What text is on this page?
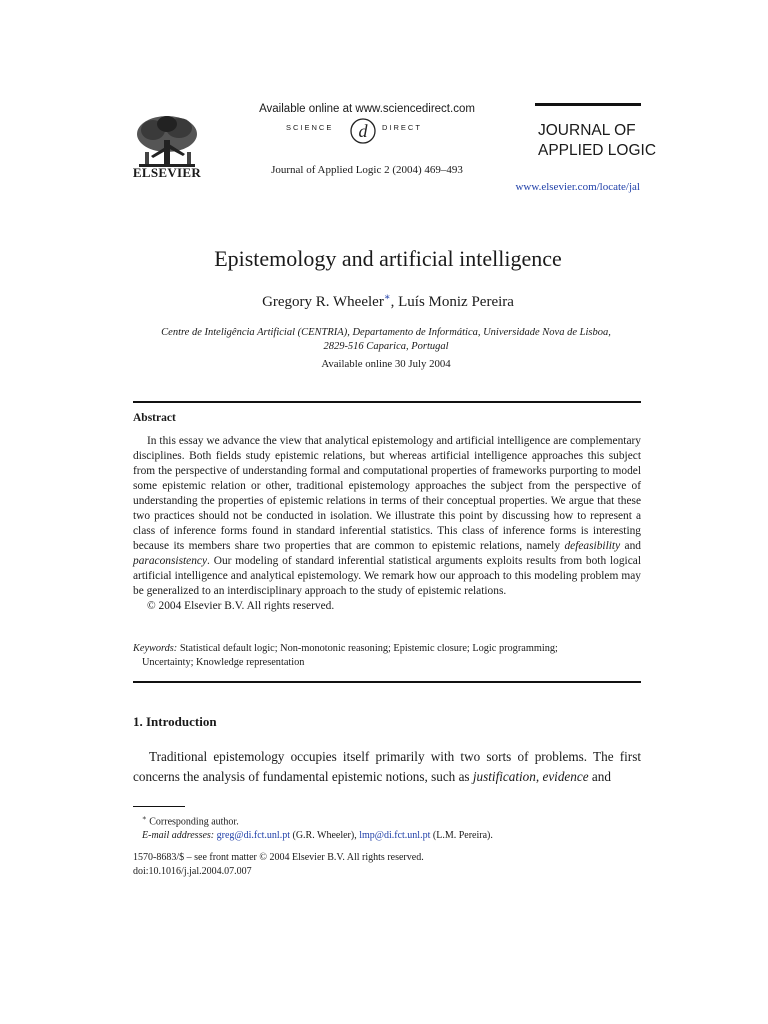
ELSEVIER
Available online at www.sciencedirect.com
SCIENCE d DIRECT
Journal of Applied Logic 2 (2004) 469–493
JOURNAL OF
APPLIED LOGIC
www.elsevier.com/locate/jal
Epistemology and artificial intelligence
Gregory R. Wheeler∗, Luís Moniz Pereira
Centre de Inteligência Artificial (CENTRIA), Departamento de Informática, Universidade Nova de Lisboa,
2829-516 Caparica, Portugal
Available online 30 July 2004
Abstract

In this essay we advance the view that analytical epistemology and artificial intelligence are complementary disciplines. Both fields study epistemic relations, but whereas artificial intelligence approaches this subject from the perspective of understanding formal and computational properties of frameworks purporting to model some epistemic relation or other, traditional epistemology approaches the subject from the perspective of understanding the properties of epistemic relations in terms of their conceptual properties. We argue that these two practices should not be conducted in isolation. We illustrate this point by discussing how to represent a class of inference forms found in standard inferential statistics. This class of inference forms is interesting because its members share two properties that are common to epistemic relations, namely defeasibility and paraconsistency. Our modeling of standard inferential statistical arguments exploits results from both logical artificial intelligence and analytical epistemology. We remark how our approach to this modeling problem may be generalized to an interdisciplinary approach to the study of epistemic relations.

© 2004 Elsevier B.V. All rights reserved.

Keywords: Statistical default logic; Non-monotonic reasoning; Epistemic closure; Logic programming;
Uncertainty; Knowledge representation
1. Introduction

Traditional epistemology occupies itself primarily with two sorts of problems. The first concerns the analysis of fundamental epistemic notions, such as justification, evidence and

∗ Corresponding author.
E-mail addresses: greg@di.fct.unl.pt (G.R. Wheeler), lmp@di.fct.unl.pt (L.M. Pereira).
1570-8683/$ – see front matter © 2004 Elsevier B.V. All rights reserved.
doi:10.1016/j.jal.2004.07.007
